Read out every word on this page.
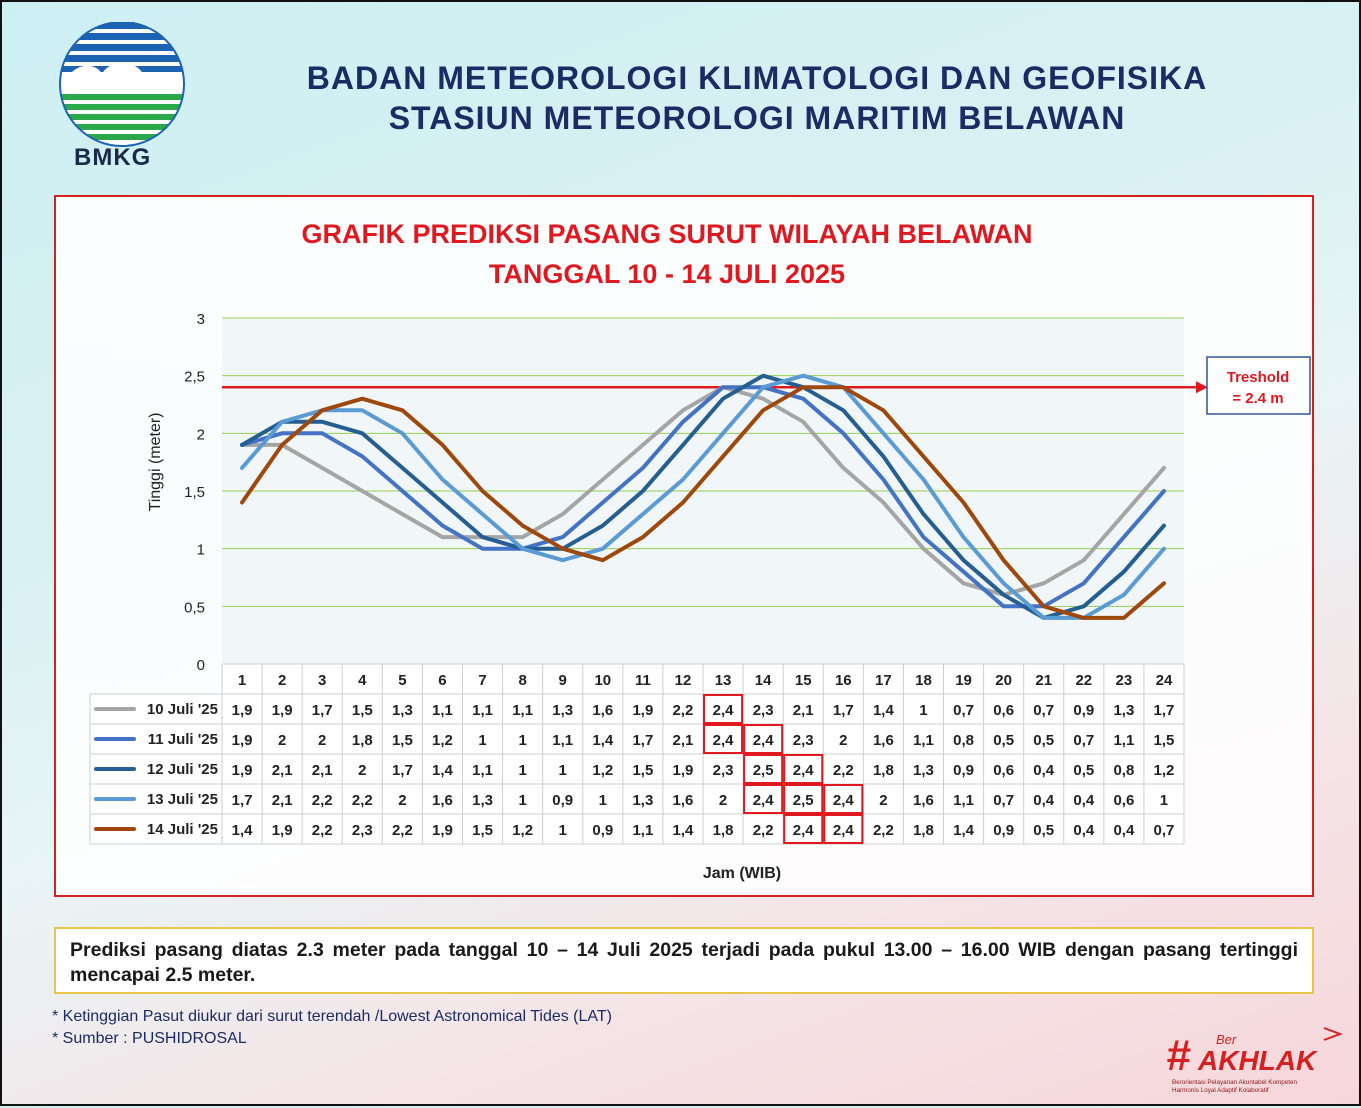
BMKG
BADAN METEOROLOGI KLIMATOLOGI DAN GEOFISIKA
STASIUN METEOROLOGI MARITIM BELAWAN
GRAFIK PREDIKSI PASANG SURUT WILAYAH BELAWAN
TANGGAL 10 - 14 JULI 2025
0
0,5
1
1,5
2
2,5
3
Tinggi (meter)
Treshold
= 2.4 m
1 2 3 4 5 6 7 8 9 10 11 12 13 14 15 16 17 18 19 20 21 22 23 24
10 Juli '25 1,9 1,9 1,7 1,5 1,3 1,1 1,1 1,1 1,3 1,6 1,9 2,2 2,4 2,3 2,1 1,7 1,4 1 0,7 0,6 0,7 0,9 1,3 1,7
11 Juli '25 1,9 2 2 1,8 1,5 1,2 1 1 1,1 1,4 1,7 2,1 2,4 2,4 2,3 2 1,6 1,1 0,8 0,5 0,5 0,7 1,1 1,5
12 Juli '25 1,9 2,1 2,1 2 1,7 1,4 1,1 1 1 1,2 1,5 1,9 2,3 2,5 2,4 2,2 1,8 1,3 0,9 0,6 0,4 0,5 0,8 1,2
13 Juli '25 1,7 2,1 2,2 2,2 2 1,6 1,3 1 0,9 1 1,3 1,6 2 2,4 2,5 2,4 2 1,6 1,1 0,7 0,4 0,4 0,6 1
14 Juli '25 1,4 1,9 2,2 2,3 2,2 1,9 1,5 1,2 1 0,9 1,1 1,4 1,8 2,2 2,4 2,4 2,2 1,8 1,4 0,9 0,5 0,4 0,4 0,7
Jam (WIB)
Prediksi pasang diatas 2.3 meter pada tanggal 10 – 14 Juli 2025 terjadi pada pukul 13.00 – 16.00 WIB dengan pasang tertinggi mencapai 2.5 meter.
* Ketinggian Pasut diukur dari surut terendah /Lowest Astronomical Tides (LAT)
* Sumber : PUSHIDROSAL	# Ber
AKHLAK
Berorientasi Pelayanan Akuntabel Kompeten
Harmonis Loyal Adaptif Kolaboratif
